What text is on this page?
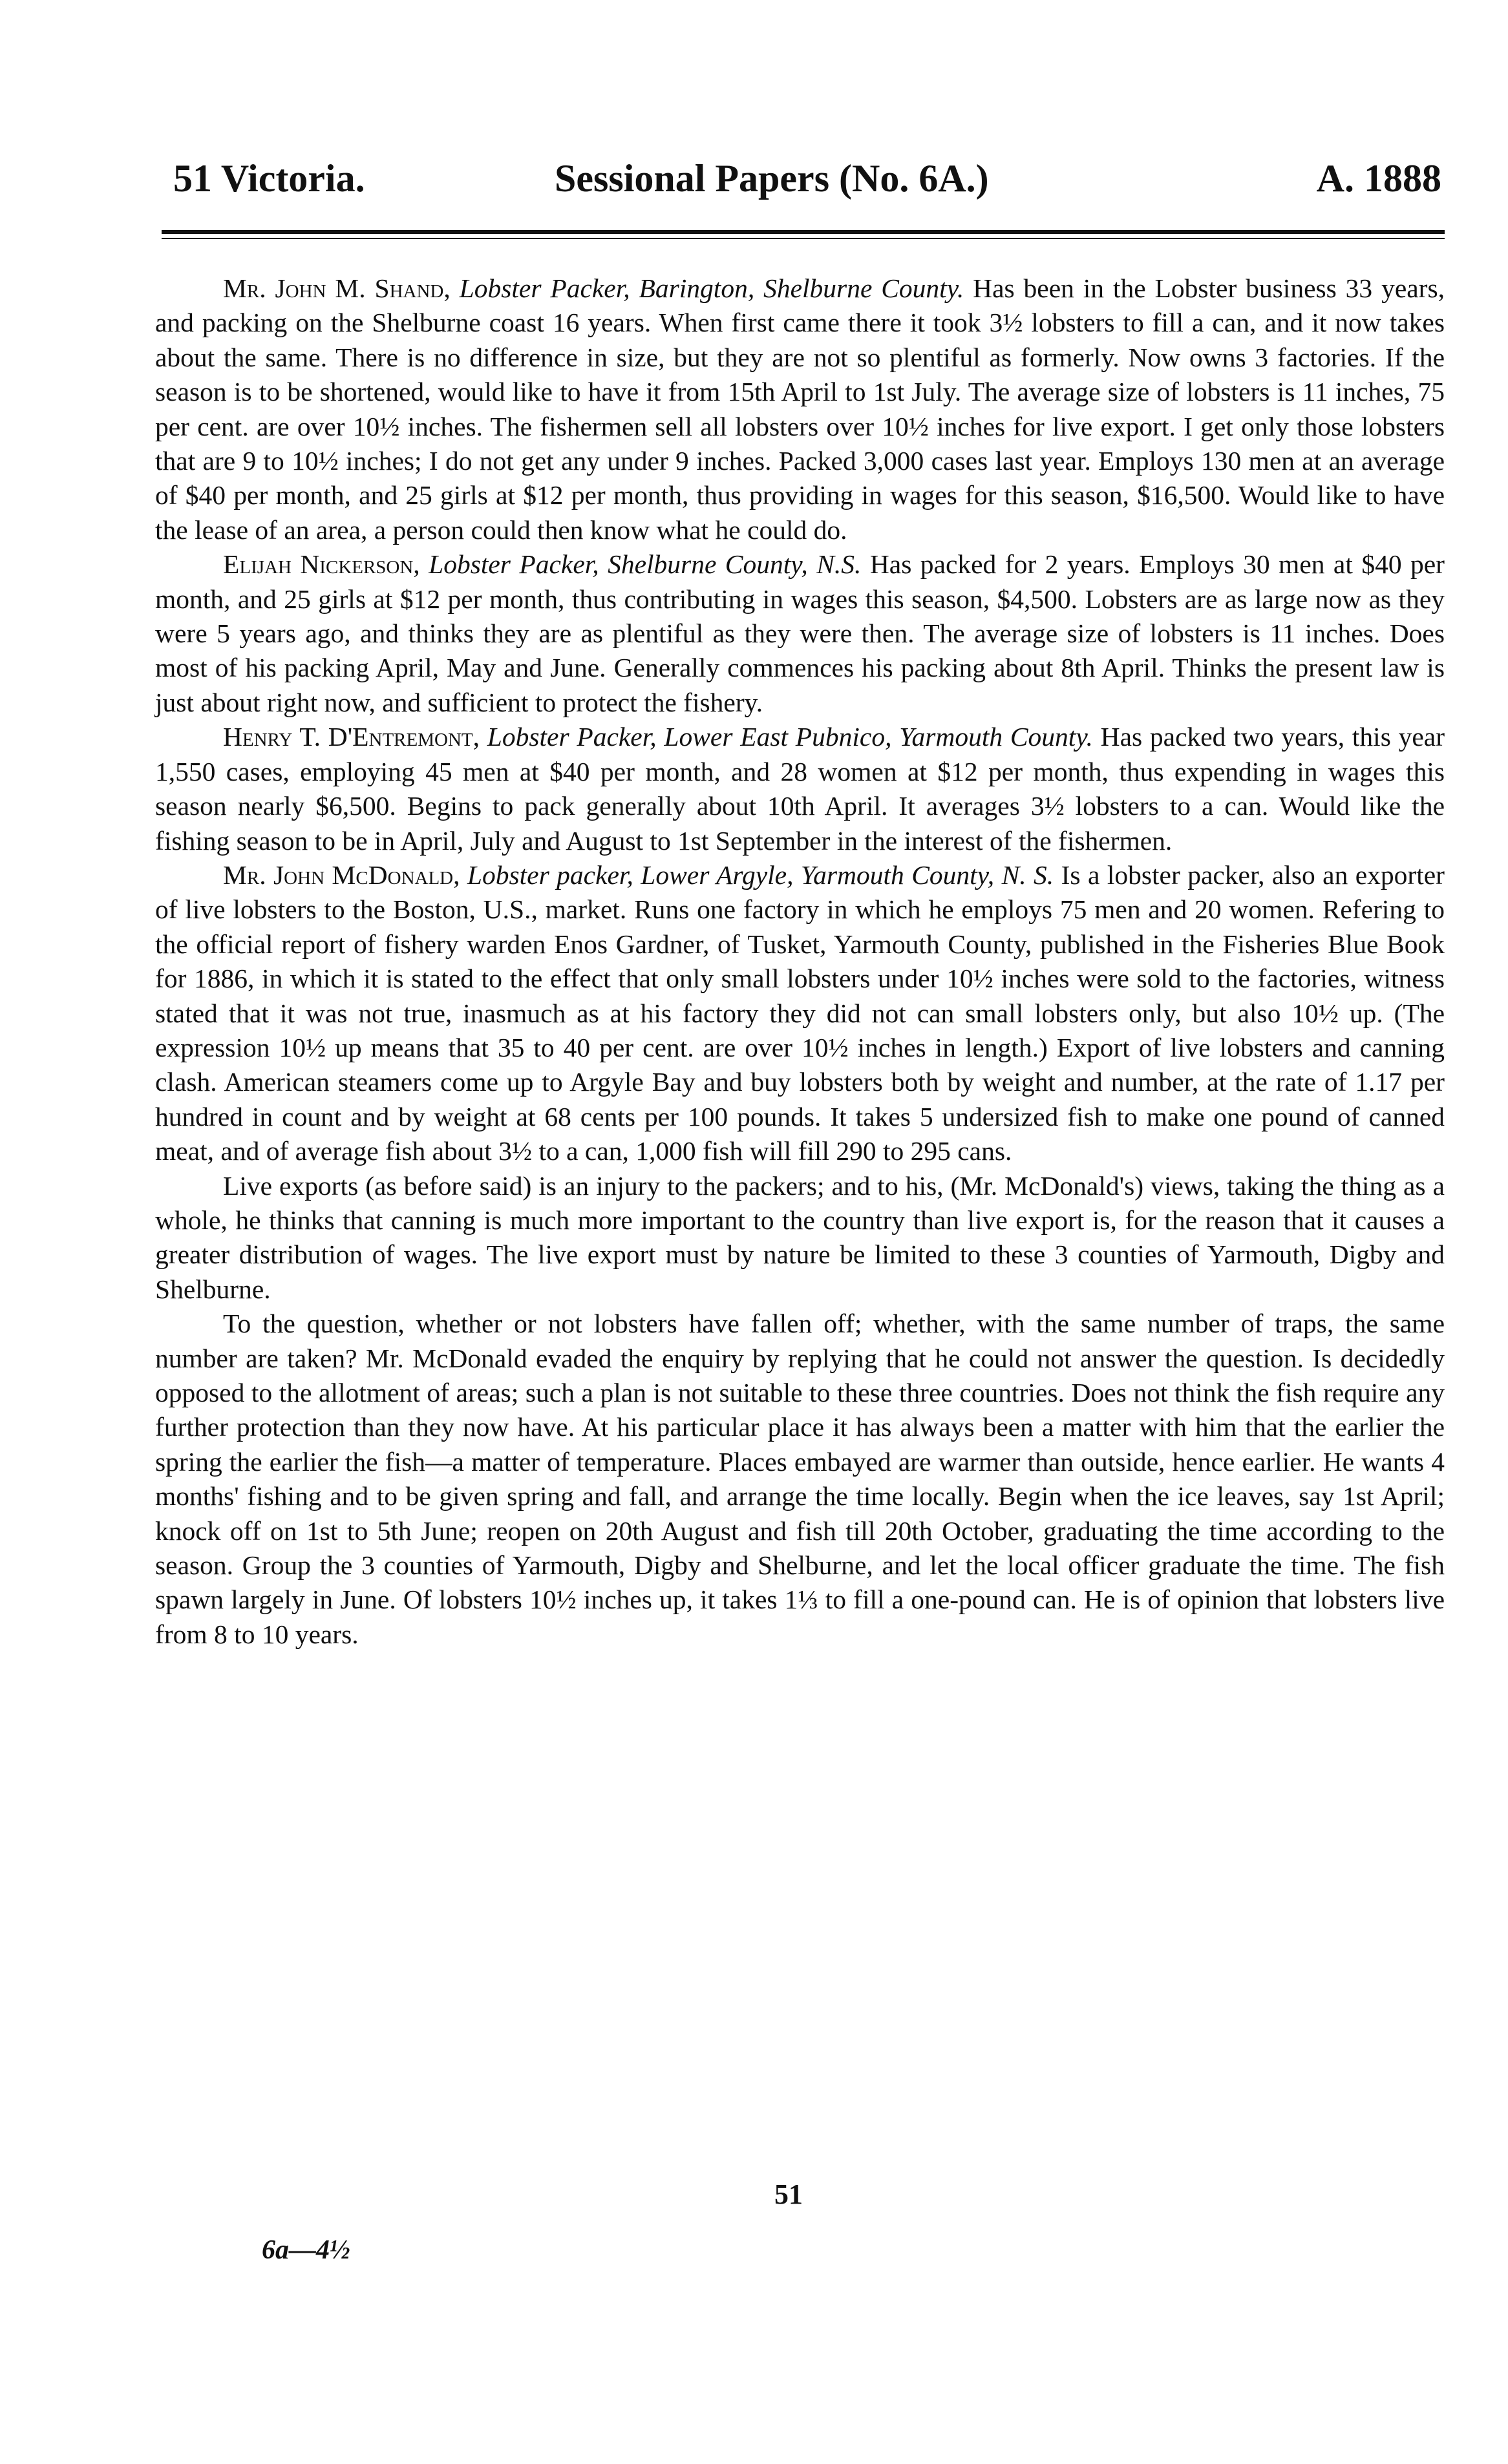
51 Victoria.	Sessional Papers (No. 6A.)	A. 1888

Mr. John M. Shand, Lobster Packer, Barington, Shelburne County. Has been in the Lobster business 33 years, and packing on the Shelburne coast 16 years. When first came there it took 3½ lobsters to fill a can, and it now takes about the same. There is no difference in size, but they are not so plentiful as formerly. Now owns 3 factories. If the season is to be shortened, would like to have it from 15th April to 1st July. The average size of lobsters is 11 inches, 75 per cent. are over 10½ inches. The fishermen sell all lobsters over 10½ inches for live export. I get only those lobsters that are 9 to 10½ inches; I do not get any under 9 inches. Packed 3,000 cases last year. Employs 130 men at an average of $40 per month, and 25 girls at $12 per month, thus providing in wages for this season, $16,500. Would like to have the lease of an area, a person could then know what he could do.

Elijah Nickerson, Lobster Packer, Shelburne County, N.S. Has packed for 2 years. Employs 30 men at $40 per month, and 25 girls at $12 per month, thus contributing in wages this season, $4,500. Lobsters are as large now as they were 5 years ago, and thinks they are as plentiful as they were then. The average size of lobsters is 11 inches. Does most of his packing April, May and June. Generally commences his packing about 8th April. Thinks the present law is just about right now, and sufficient to protect the fishery.

Henry T. D'Entremont, Lobster Packer, Lower East Pubnico, Yarmouth County. Has packed two years, this year 1,550 cases, employing 45 men at $40 per month, and 28 women at $12 per month, thus expending in wages this season nearly $6,500. Begins to pack generally about 10th April. It averages 3½ lobsters to a can. Would like the fishing season to be in April, July and August to 1st September in the interest of the fishermen.

Mr. John McDonald, Lobster packer, Lower Argyle, Yarmouth County, N. S. Is a lobster packer, also an exporter of live lobsters to the Boston, U.S., market. Runs one factory in which he employs 75 men and 20 women. Refering to the official report of fishery warden Enos Gardner, of Tusket, Yarmouth County, published in the Fisheries Blue Book for 1886, in which it is stated to the effect that only small lobsters under 10½ inches were sold to the factories, witness stated that it was not true, inasmuch as at his factory they did not can small lobsters only, but also 10½ up. (The expression 10½ up means that 35 to 40 per cent. are over 10½ inches in length.) Export of live lobsters and canning clash. American steamers come up to Argyle Bay and buy lobsters both by weight and number, at the rate of 1.17 per hundred in count and by weight at 68 cents per 100 pounds. It takes 5 undersized fish to make one pound of canned meat, and of average fish about 3½ to a can, 1,000 fish will fill 290 to 295 cans.

Live exports (as before said) is an injury to the packers; and to his, (Mr. McDonald's) views, taking the thing as a whole, he thinks that canning is much more important to the country than live export is, for the reason that it causes a greater distribution of wages. The live export must by nature be limited to these 3 counties of Yarmouth, Digby and Shelburne.

To the question, whether or not lobsters have fallen off; whether, with the same number of traps, the same number are taken? Mr. McDonald evaded the enquiry by replying that he could not answer the question. Is decidedly opposed to the allotment of areas; such a plan is not suitable to these three countries. Does not think the fish require any further protection than they now have. At his particular place it has always been a matter with him that the earlier the spring the earlier the fish—a matter of temperature. Places embayed are warmer than outside, hence earlier. He wants 4 months' fishing and to be given spring and fall, and arrange the time locally. Begin when the ice leaves, say 1st April; knock off on 1st to 5th June; reopen on 20th August and fish till 20th October, graduating the time according to the season. Group the 3 counties of Yarmouth, Digby and Shelburne, and let the local officer graduate the time. The fish spawn largely in June. Of lobsters 10½ inches up, it takes 1⅓ to fill a one-pound can. He is of opinion that lobsters live from 8 to 10 years.

51
6a—4½
